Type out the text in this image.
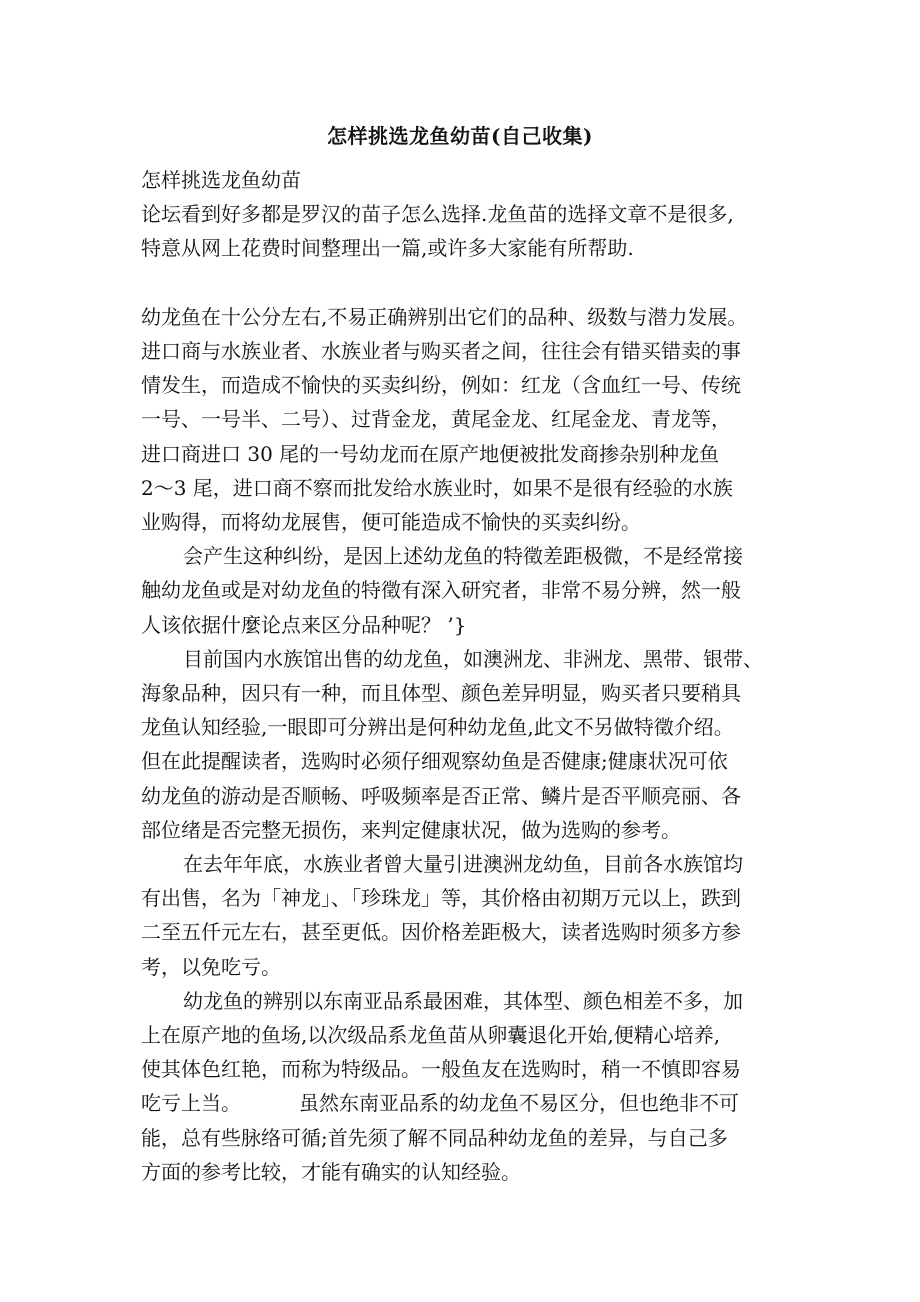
怎样挑选龙鱼幼苗(自己收集)
怎样挑选龙鱼幼苗
论坛看到好多都是罗汉的苗子怎么选择.龙鱼苗的选择文章不是很多,
特意从网上花费时间整理出一篇,或许多大家能有所帮助.
幼龙鱼在十公分左右,不易正确辨别出它们的品种、级数与潜力发展。
进口商与水族业者、水族业者与购买者之间，往往会有错买错卖的事
情发生，而造成不愉快的买卖纠纷，例如：红龙（含血红一号、传统
一号、一号半、二号）、过背金龙，黄尾金龙、红尾金龙、青龙等，
进口商进口 30 尾的一号幼龙而在原产地便被批发商掺杂别种龙鱼
2～3 尾，进口商不察而批发给水族业时，如果不是很有经验的水族
业购得，而将幼龙展售，便可能造成不愉快的买卖纠纷。
会产生这种纠纷，是因上述幼龙鱼的特徵差距极微，不是经常接
触幼龙鱼或是对幼龙鱼的特徵有深入研究者，非常不易分辨，然一般
人该依据什麼论点来区分品种呢？ ’}
目前国内水族馆出售的幼龙鱼，如澳洲龙、非洲龙、黑带、银带、
海象品种，因只有一种，而且体型、颜色差异明显，购买者只要稍具
龙鱼认知经验,一眼即可分辨出是何种幼龙鱼,此文不另做特徵介绍。
但在此提醒读者，选购时必须仔细观察幼鱼是否健康;健康状况可依
幼龙鱼的游动是否顺畅、呼吸频率是否正常、鳞片是否平顺亮丽、各
部位绪是否完整无损伤，来判定健康状况，做为选购的参考。
在去年年底，水族业者曾大量引进澳洲龙幼鱼，目前各水族馆均
有出售，名为「神龙」、「珍珠龙」等，其价格由初期万元以上，跌到
二至五仟元左右，甚至更低。因价格差距极大，读者选购时须多方参
考，以免吃亏。
幼龙鱼的辨别以东南亚品系最困难，其体型、颜色相差不多，加
上在原产地的鱼场,以次级品系龙鱼苗从卵囊退化开始,便精心培养,
使其体色红艳，而称为特级品。一般鱼友在选购时，稍一不慎即容易
吃亏上当。	虽然东南亚品系的幼龙鱼不易区分，但也绝非不可
能，总有些脉络可循;首先须了解不同品种幼龙鱼的差异，与自己多
方面的参考比较，才能有确实的认知经验。
